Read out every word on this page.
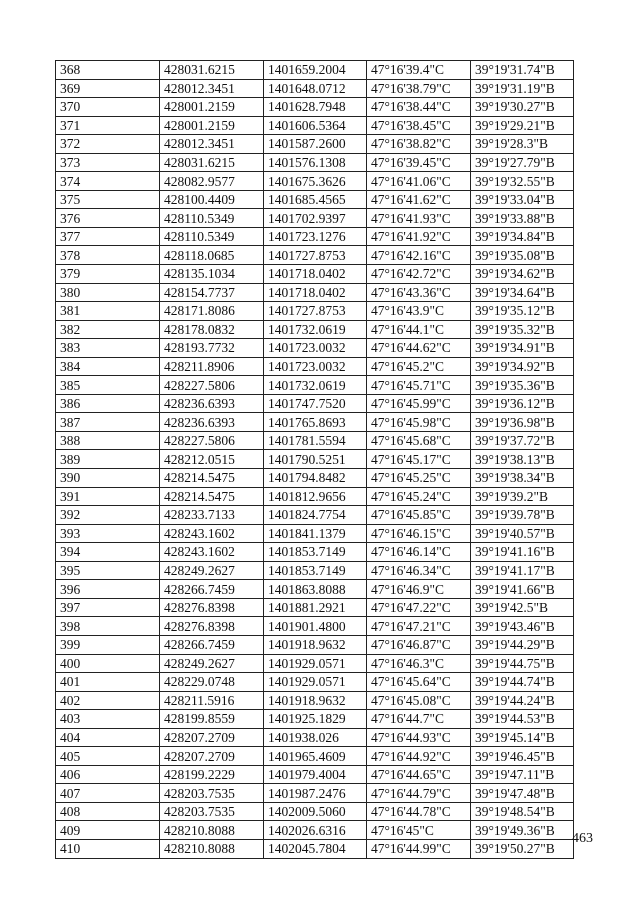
368	428031.6215	1401659.2004	47°16'39.4"C	39°19'31.74"В
369	428012.3451	1401648.0712	47°16'38.79"C	39°19'31.19"В
370	428001.2159	1401628.7948	47°16'38.44"C	39°19'30.27"В
371	428001.2159	1401606.5364	47°16'38.45"C	39°19'29.21"В
372	428012.3451	1401587.2600	47°16'38.82"C	39°19'28.3"В
373	428031.6215	1401576.1308	47°16'39.45"C	39°19'27.79"В
374	428082.9577	1401675.3626	47°16'41.06"C	39°19'32.55"В
375	428100.4409	1401685.4565	47°16'41.62"C	39°19'33.04"В
376	428110.5349	1401702.9397	47°16'41.93"C	39°19'33.88"В
377	428110.5349	1401723.1276	47°16'41.92"C	39°19'34.84"В
378	428118.0685	1401727.8753	47°16'42.16"C	39°19'35.08"В
379	428135.1034	1401718.0402	47°16'42.72"C	39°19'34.62"В
380	428154.7737	1401718.0402	47°16'43.36"C	39°19'34.64"В
381	428171.8086	1401727.8753	47°16'43.9"C	39°19'35.12"В
382	428178.0832	1401732.0619	47°16'44.1"C	39°19'35.32"В
383	428193.7732	1401723.0032	47°16'44.62"C	39°19'34.91"В
384	428211.8906	1401723.0032	47°16'45.2"C	39°19'34.92"В
385	428227.5806	1401732.0619	47°16'45.71"C	39°19'35.36"В
386	428236.6393	1401747.7520	47°16'45.99"C	39°19'36.12"В
387	428236.6393	1401765.8693	47°16'45.98"C	39°19'36.98"В
388	428227.5806	1401781.5594	47°16'45.68"C	39°19'37.72"В
389	428212.0515	1401790.5251	47°16'45.17"C	39°19'38.13"В
390	428214.5475	1401794.8482	47°16'45.25"C	39°19'38.34"В
391	428214.5475	1401812.9656	47°16'45.24"C	39°19'39.2"В
392	428233.7133	1401824.7754	47°16'45.85"C	39°19'39.78"В
393	428243.1602	1401841.1379	47°16'46.15"C	39°19'40.57"В
394	428243.1602	1401853.7149	47°16'46.14"C	39°19'41.16"В
395	428249.2627	1401853.7149	47°16'46.34"C	39°19'41.17"В
396	428266.7459	1401863.8088	47°16'46.9"C	39°19'41.66"В
397	428276.8398	1401881.2921	47°16'47.22"C	39°19'42.5"В
398	428276.8398	1401901.4800	47°16'47.21"C	39°19'43.46"В
399	428266.7459	1401918.9632	47°16'46.87"C	39°19'44.29"В
400	428249.2627	1401929.0571	47°16'46.3"C	39°19'44.75"В
401	428229.0748	1401929.0571	47°16'45.64"C	39°19'44.74"В
402	428211.5916	1401918.9632	47°16'45.08"C	39°19'44.24"В
403	428199.8559	1401925.1829	47°16'44.7"C	39°19'44.53"В
404	428207.2709	1401938.026	47°16'44.93"C	39°19'45.14"В
405	428207.2709	1401965.4609	47°16'44.92"C	39°19'46.45"В
406	428199.2229	1401979.4004	47°16'44.65"C	39°19'47.11"В
407	428203.7535	1401987.2476	47°16'44.79"C	39°19'47.48"В
408	428203.7535	1402009.5060	47°16'44.78"C	39°19'48.54"В
409	428210.8088	1402026.6316	47°16'45"C	39°19'49.36"В
410	428210.8088	1402045.7804	47°16'44.99"C	39°19'50.27"В
463
